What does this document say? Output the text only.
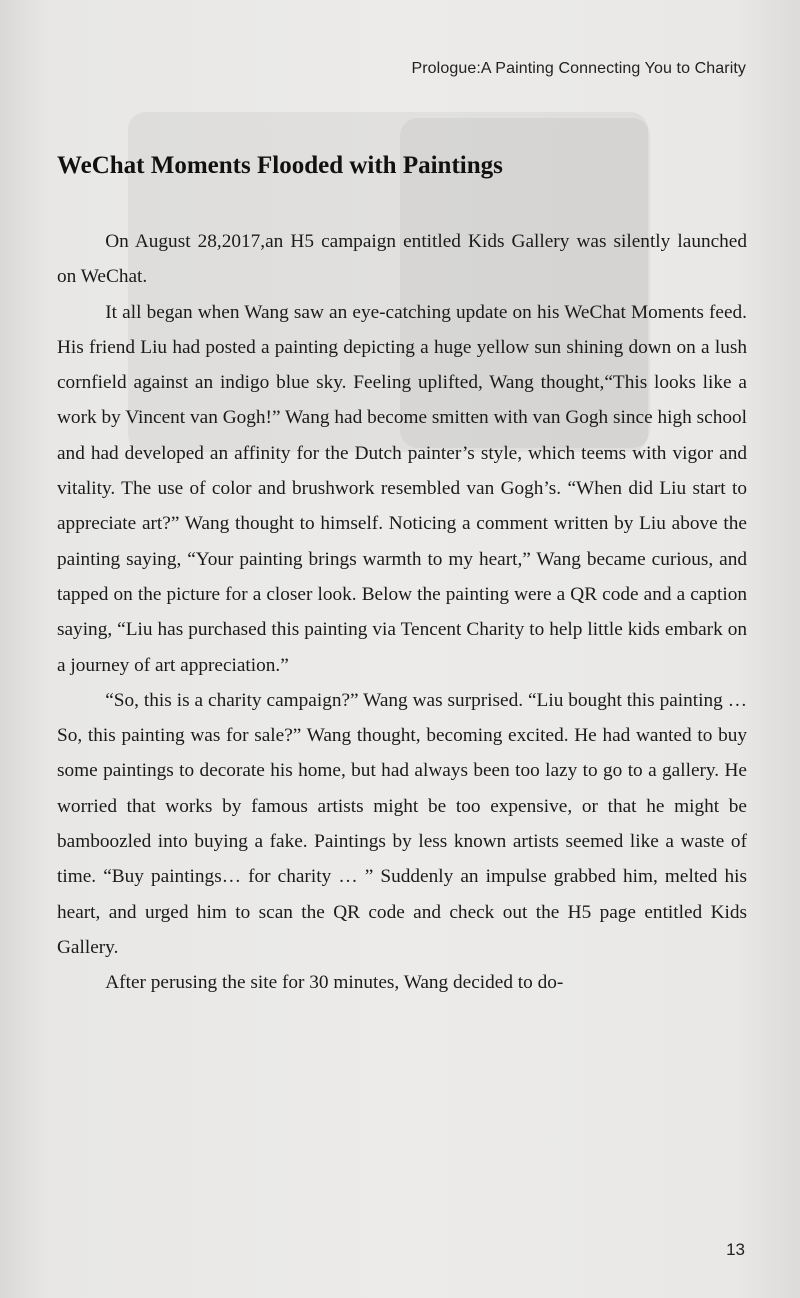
Prologue:A Painting Connecting You to Charity
WeChat Moments Flooded with Paintings

On August 28,2017,an H5 campaign entitled Kids Gallery was silently launched on WeChat.

It all began when Wang saw an eye-catching update on his WeChat Moments feed. His friend Liu had posted a painting depicting a huge yellow sun shining down on a lush cornfield against an indigo blue sky. Feeling uplifted, Wang thought,“This looks like a work by Vincent van Gogh!” Wang had become smitten with van Gogh since high school and had developed an affinity for the Dutch painter’s style, which teems with vigor and vitality. The use of color and brushwork resembled van Gogh’s. “When did Liu start to appreciate art?” Wang thought to himself. Noticing a comment written by Liu above the painting saying, “Your painting brings warmth to my heart,” Wang became curious, and tapped on the picture for a closer look. Below the painting were a QR code and a caption saying, “Liu has purchased this painting via Tencent Charity to help little kids embark on a journey of art appreciation.”

“So, this is a charity campaign?” Wang was surprised. “Liu bought this painting … So, this painting was for sale?” Wang thought, becoming excited. He had wanted to buy some paintings to decorate his home, but had always been too lazy to go to a gallery. He worried that works by famous artists might be too expensive, or that he might be bamboozled into buying a fake. Paintings by less known artists seemed like a waste of time. “Buy paintings… for charity … ” Suddenly an impulse grabbed him, melted his heart, and urged him to scan the QR code and check out the H5 page entitled Kids Gallery.

After perusing the site for 30 minutes, Wang decided to do-

13
